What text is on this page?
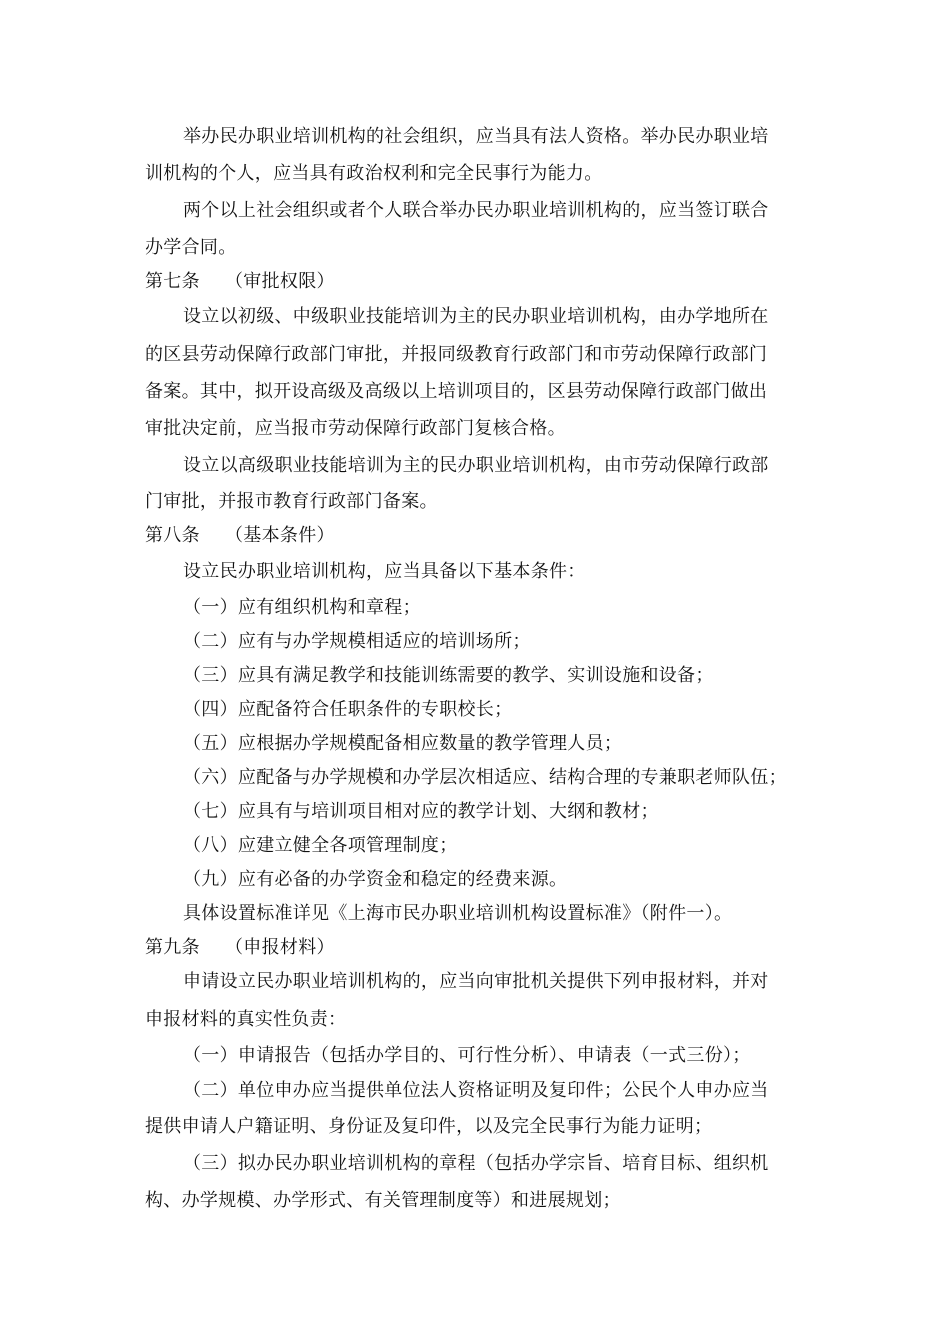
举办民办职业培训机构的社会组织，应当具有法人资格。举办民办职业培
训机构的个人，应当具有政治权利和完全民事行为能力。
两个以上社会组织或者个人联合举办民办职业培训机构的，应当签订联合
办学合同。
第七条 （审批权限）
设立以初级、中级职业技能培训为主的民办职业培训机构，由办学地所在
的区县劳动保障行政部门审批，并报同级教育行政部门和市劳动保障行政部门
备案。其中，拟开设高级及高级以上培训项目的，区县劳动保障行政部门做出
审批决定前，应当报市劳动保障行政部门复核合格。
设立以高级职业技能培训为主的民办职业培训机构，由市劳动保障行政部
门审批，并报市教育行政部门备案。
第八条 （基本条件）
设立民办职业培训机构，应当具备以下基本条件：
（一）应有组织机构和章程；
（二）应有与办学规模相适应的培训场所；
（三）应具有满足教学和技能训练需要的教学、实训设施和设备；
（四）应配备符合任职条件的专职校长；
（五）应根据办学规模配备相应数量的教学管理人员；
（六）应配备与办学规模和办学层次相适应、结构合理的专兼职老师队伍；
（七）应具有与培训项目相对应的教学计划、大纲和教材；
（八）应建立健全各项管理制度；
（九）应有必备的办学资金和稳定的经费来源。
具体设置标准详见《上海市民办职业培训机构设置标准》（附件一）。
第九条 （申报材料）
申请设立民办职业培训机构的，应当向审批机关提供下列申报材料，并对
申报材料的真实性负责：
（一）申请报告（包括办学目的、可行性分析）、申请表（一式三份）；
（二）单位申办应当提供单位法人资格证明及复印件；公民个人申办应当
提供申请人户籍证明、身份证及复印件，以及完全民事行为能力证明；
（三）拟办民办职业培训机构的章程（包括办学宗旨、培育目标、组织机
构、办学规模、办学形式、有关管理制度等）和进展规划；
